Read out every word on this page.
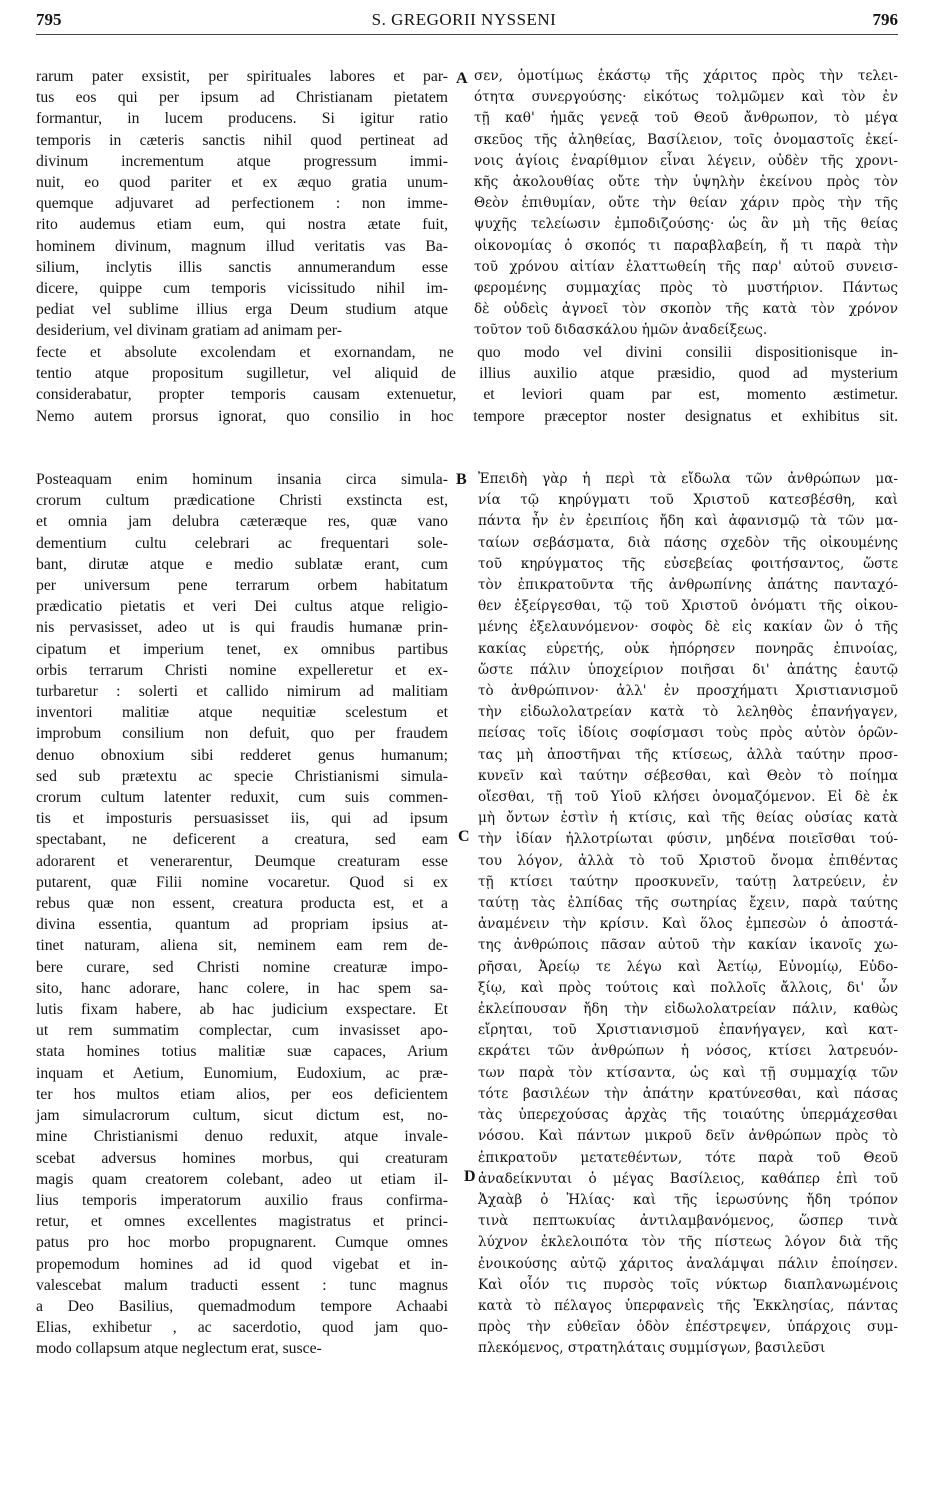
795	S. GREGORII NYSSENI	796
A
B
C
D
rarum pater exsistit, per spirituales labores et par-
tus eos qui per ipsum ad Christianam pietatem
formantur, in lucem producens. Si igitur ratio
temporis in cæteris sanctis nihil quod pertineat ad
divinum incrementum atque progressum immi-
nuit, eo quod pariter et ex æquo gratia unum-
quemque adjuvaret ad perfectionem : non imme-
rito audemus etiam eum, qui nostra ætate fuit,
hominem divinum, magnum illud veritatis vas Ba-
silium, inclytis illis sanctis annumerandum esse
dicere, quippe cum temporis vicissitudo nihil im-
pediat vel sublime illius erga Deum studium atque
desiderium, vel divinam gratiam ad animam per-
σεν, ὁμοτίμως ἑκάστῳ τῆς χάριτος πρὸς τὴν τελει-
ότητα συνεργούσης· εἰκότως τολμῶμεν καὶ τὸν ἐν
τῇ καθ' ἡμᾶς γενεᾷ τοῦ Θεοῦ ἄνθρωπον, τὸ μέγα
σκεῦος τῆς ἀληθείας, Βασίλειον, τοῖς ὀνομαστοῖς ἐκεί-
νοις ἁγίοις ἐναρίθμιον εἶναι λέγειν, οὐδὲν τῆς χρονι-
κῆς ἀκολουθίας οὔτε τὴν ὑψηλὴν ἐκείνου πρὸς τὸν
Θεὸν ἐπιθυμίαν, οὔτε τὴν θείαν χάριν πρὸς τὴν τῆς
ψυχῆς τελείωσιν ἐμποδιζούσης· ὡς ἂν μὴ τῆς θείας
οἰκονομίας ὁ σκοπός τι παραβλαβείη, ἤ τι παρὰ τὴν
τοῦ χρόνου αἰτίαν ἐλαττωθείη τῆς παρ' αὐτοῦ συνεισ-
φερομένης συμμαχίας πρὸς τὸ μυστήριον. Πάντως
δὲ οὐδεὶς ἀγνοεῖ τὸν σκοπὸν τῆς κατὰ τὸν χρόνον
τοῦτον τοῦ διδασκάλου ἡμῶν ἀναδείξεως.
fecte et absolute excolendam et exornandam, ne quo modo vel divini consilii dispositionisque in-
tentio atque propositum sugilletur, vel aliquid de illius auxilio atque præsidio, quod ad mysterium
considerabatur, propter temporis causam extenuetur, et leviori quam par est, momento æstimetur.
Nemo autem prorsus ignorat, quo consilio in hoc tempore præceptor noster designatus et exhibitus sit.
Posteaquam enim hominum insania circa simula-
crorum cultum prædicatione Christi exstincta est,
et omnia jam delubra cæteræque res, quæ vano
dementium cultu celebrari ac frequentari sole-
bant, dirutæ atque e medio sublatæ erant, cum
per universum pene terrarum orbem habitatum
prædicatio pietatis et veri Dei cultus atque religio-
nis pervasisset, adeo ut is qui fraudis humanæ prin-
cipatum et imperium tenet, ex omnibus partibus
orbis terrarum Christi nomine expelleretur et ex-
turbaretur : solerti et callido nimirum ad malitiam
inventori malitiæ atque nequitiæ scelestum et
improbum consilium non defuit, quo per fraudem
denuo obnoxium sibi redderet genus humanum;
sed sub prætextu ac specie Christianismi simula-
crorum cultum latenter reduxit, cum suis commen-
tis et imposturis persuasisset iis, qui ad ipsum
spectabant, ne deficerent a creatura, sed eam
adorarent et venerarentur, Deumque creaturam esse
putarent, quæ Filii nomine vocaretur. Quod si ex
rebus quæ non essent, creatura producta est, et a
divina essentia, quantum ad propriam ipsius at-
tinet naturam, aliena sit, neminem eam rem de-
bere curare, sed Christi nomine creaturæ impo-
sito, hanc adorare, hanc colere, in hac spem sa-
lutis fixam habere, ab hac judicium exspectare. Et
ut rem summatim complectar, cum invasisset apo-
stata homines totius malitiæ suæ capaces, Arium
inquam et Aetium, Eunomium, Eudoxium, ac præ-
ter hos multos etiam alios, per eos deficientem
jam simulacrorum cultum, sicut dictum est, no-
mine Christianismi denuo reduxit, atque invale-
scebat adversus homines morbus, qui creaturam
magis quam creatorem colebant, adeo ut etiam il-
lius temporis imperatorum auxilio fraus confirma-
retur, et omnes excellentes magistratus et princi-
patus pro hoc morbo propugnarent. Cumque omnes
propemodum homines ad id quod vigebat et in-
valescebat malum traducti essent : tunc magnus
a Deo Basilius, quemadmodum tempore Achaabi
Elias, exhibetur , ac sacerdotio, quod jam quo-
modo collapsum atque neglectum erat, susce-
Ἐπειδὴ γὰρ ἡ περὶ τὰ εἴδωλα τῶν ἀνθρώπων μα-
νία τῷ κηρύγματι τοῦ Χριστοῦ κατεσβέσθη, καὶ
πάντα ἦν ἐν ἐρειπίοις ἤδη καὶ ἀφανισμῷ τὰ τῶν μα-
ταίων σεβάσματα, διὰ πάσης σχεδὸν τῆς οἰκουμένης
τοῦ κηρύγματος τῆς εὐσεβείας φοιτήσαντος, ὥστε
τὸν ἐπικρατοῦντα τῆς ἀνθρωπίνης ἀπάτης πανταχό-
θεν ἐξείργεσθαι, τῷ τοῦ Χριστοῦ ὀνόματι τῆς οἰκου-
μένης ἐξελαυνόμενον· σοφὸς δὲ εἰς κακίαν ὢν ὁ τῆς
κακίας εὑρετής, οὐκ ἠπόρησεν πονηρᾶς ἐπινοίας,
ὥστε πάλιν ὑποχείριον ποιῆσαι δι' ἀπάτης ἑαυτῷ
τὸ ἀνθρώπινον· ἀλλ' ἐν προσχήματι Χριστιανισμοῦ
τὴν εἰδωλολατρείαν κατὰ τὸ λεληθὸς ἐπανήγαγεν,
πείσας τοῖς ἰδίοις σοφίσμασι τοὺς πρὸς αὐτὸν ὁρῶν-
τας μὴ ἀποστῆναι τῆς κτίσεως, ἀλλὰ ταύτην προσ-
κυνεῖν καὶ ταύτην σέβεσθαι, καὶ Θεὸν τὸ ποίημα
οἴεσθαι, τῇ τοῦ Υἱοῦ κλήσει ὀνομαζόμενον. Εἰ δὲ ἐκ
μὴ ὄντων ἐστὶν ἡ κτίσις, καὶ τῆς θείας οὐσίας κατὰ
τὴν ἰδίαν ἠλλοτρίωται φύσιν, μηδένα ποιεῖσθαι τού-
του λόγον, ἀλλὰ τὸ τοῦ Χριστοῦ ὄνομα ἐπιθέντας
τῇ κτίσει ταύτην προσκυνεῖν, ταύτῃ λατρεύειν, ἐν
ταύτῃ τὰς ἐλπίδας τῆς σωτηρίας ἔχειν, παρὰ ταύτης
ἀναμένειν τὴν κρίσιν. Καὶ ὅλος ἐμπεσὼν ὁ ἀποστά-
της ἀνθρώποις πᾶσαν αὐτοῦ τὴν κακίαν ἱκανοῖς χω-
ρῆσαι, Ἀρείῳ τε λέγω καὶ Ἀετίῳ, Εὐνομίῳ, Εὐδο-
ξίῳ, καὶ πρὸς τούτοις καὶ πολλοῖς ἄλλοις, δι' ὧν
ἐκλείπουσαν ἤδη τὴν εἰδωλολατρείαν πάλιν, καθὼς
εἴρηται, τοῦ Χριστιανισμοῦ ἐπανήγαγεν, καὶ κατ-
εκράτει τῶν ἀνθρώπων ἡ νόσος, κτίσει λατρευόν-
των παρὰ τὸν κτίσαντα, ὡς καὶ τῇ συμμαχίᾳ τῶν
τότε βασιλέων τὴν ἀπάτην κρατύνεσθαι, καὶ πάσας
τὰς ὑπερεχούσας ἀρχὰς τῆς τοιαύτης ὑπερμάχεσθαι
νόσου. Καὶ πάντων μικροῦ δεῖν ἀνθρώπων πρὸς τὸ
ἐπικρατοῦν μετατεθέντων, τότε παρὰ τοῦ Θεοῦ
ἀναδείκνυται ὁ μέγας Βασίλειος, καθάπερ ἐπὶ τοῦ
Ἀχαὰβ ὁ Ἠλίας· καὶ τῆς ἱερωσύνης ἤδη τρόπον
τινὰ πεπτωκυίας ἀντιλαμβανόμενος, ὥσπερ τινὰ
λύχνον ἐκλελοιπότα τὸν τῆς πίστεως λόγον διὰ τῆς
ἐνοικούσης αὐτῷ χάριτος ἀναλάμψαι πάλιν ἐποίησεν.
Καὶ οἷόν τις πυρσὸς τοῖς νύκτωρ διαπλανωμένοις
κατὰ τὸ πέλαγος ὑπερφανεὶς τῆς Ἐκκλησίας, πάντας
πρὸς τὴν εὐθεῖαν ὁδὸν ἐπέστρεψεν, ὑπάρχοις συμ-
πλεκόμενος, στρατηλάταις συμμίσγων, βασιλεῦσι
